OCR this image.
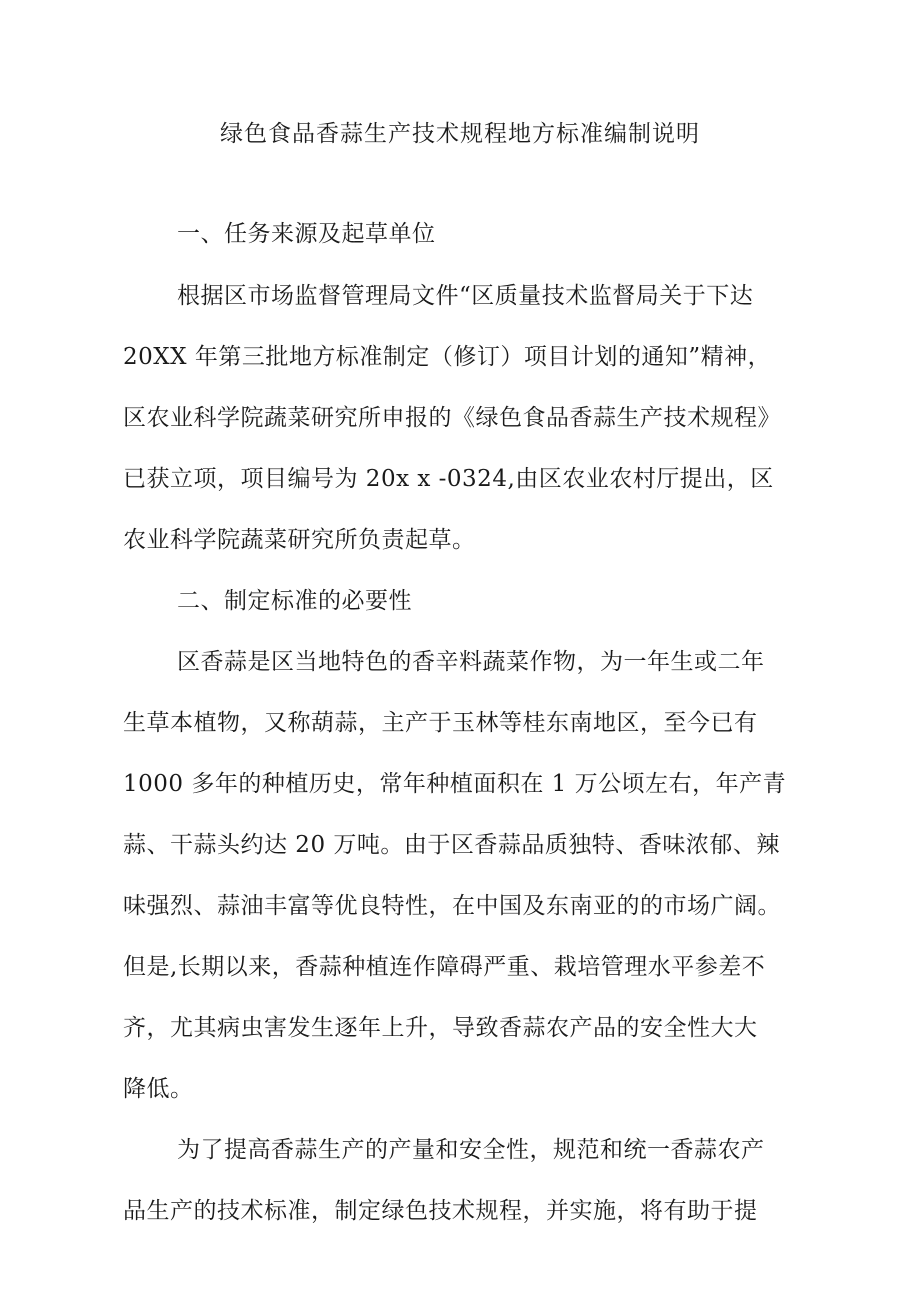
绿色食品香蒜生产技术规程地方标准编制说明
一、任务来源及起草单位
根据区市场监督管理局文件“区质量技术监督局关于下达
20XX 年第三批地方标准制定（修订）项目计划的通知”精神，
区农业科学院蔬菜研究所申报的《绿色食品香蒜生产技术规程》
已获立项，项目编号为 20x x -0324,由区农业农村厅提出，区
农业科学院蔬菜研究所负责起草。
二、制定标准的必要性
区香蒜是区当地特色的香辛料蔬菜作物，为一年生或二年
生草本植物，又称葫蒜，主产于玉林等桂东南地区，至今已有
1000 多年的种植历史，常年种植面积在 1 万公顷左右，年产青
蒜、干蒜头约达 20 万吨。由于区香蒜品质独特、香味浓郁、辣
味强烈、蒜油丰富等优良特性，在中国及东南亚的的市场广阔。
但是,长期以来，香蒜种植连作障碍严重、栽培管理水平参差不
齐，尤其病虫害发生逐年上升，导致香蒜农产品的安全性大大
降低。
为了提高香蒜生产的产量和安全性，规范和统一香蒜农产
品生产的技术标准，制定绿色技术规程，并实施，将有助于提
